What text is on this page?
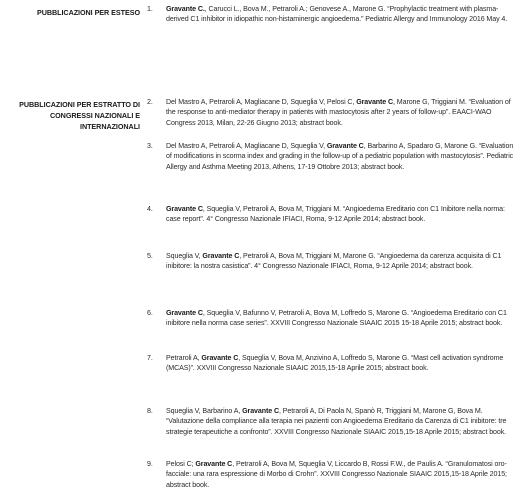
PUBBLICAZIONI PER ESTESO
PUBBLICAZIONI PER ESTRATTO DI CONGRESSI NAZIONALI E INTERNAZIONALI
1.	Gravante C., Carucci L., Bova M., Petraroli A.; Genovese A., Marone G. “Prophylactic treatment with plasma-derived C1 inhibitor in idiopathic non-histaminergic angioedema.” Pediatric Allergy and Immunology 2016 May 4.
2.	Del Mastro A, Petraroli A, Magliacane D, Squeglia V, Pelosi C, Gravante C, Marone G, Triggiani M. “Evaluation of the response to anti-mediator therapy in patients with mastocytosis after 2 years of follow-up”. EAACI-WAO Congress 2013, Milan, 22-26 Giugno 2013; abstract book.
3.	Del Mastro A, Petraroli A, Magliacane D, Squeglia V, Gravante C, Barbarino A, Spadaro G, Marone G. “Evaluation of modifications in scorma index and grading in the follow-up of a pediatric population with mastocytosis”. Pediatric Allergy and Asthma Meeting 2013, Athens, 17-19 Ottobre 2013; abstract book.
4.	Gravante C, Squeglia V, Petraroli A, Bova M, Triggiani M. “Angioedema Ereditario con C1 Inibitore nella norma: case report”. 4° Congresso Nazionale IFIACI, Roma, 9-12 Aprile 2014; abstract book.
5.	Squeglia V, Gravante C, Petraroli A, Bova M, Triggiani M, Marone G. “Angioedema da carenza acquisita di C1 inibitore: la nostra casistica”. 4° Congresso Nazionale IFIACI, Roma, 9-12 Aprile 2014; abstract book.
6.	Gravante C, Squeglia V, Bafunno V, Petraroli A, Bova M, Loffredo S, Marone G. “Angioedema Ereditario con C1 inibitore nella norma case series”. XXVIII Congresso Nazionale SIAAIC 2015 15-18 Aprile 2015; abstract book.
7.	Petraroli A, Gravante C, Squeglia V, Bova M, Anzivino A, Loffredo S, Marone G. “Mast cell activation syndrome (MCAS)”. XXVIII Congresso Nazionale SIAAIC 2015,15-18 Aprile 2015; abstract book.
8.	Squeglia V, Barbarino A, Gravante C, Petraroli A, Di Paola N, Spanò R, Triggiani M, Marone G, Bova M. “Valutazione della compliance alla terapia nei pazienti con Angioedema Ereditario da Carenza di C1 inibitore: tre strategie terapeutiche a confronto”. XXVIII Congresso Nazionale SIAAIC 2015,15-18 Aprile 2015; abstract book.
9.	Pelosi C; Gravante C, Petraroli A, Bova M, Squeglia V, Liccardo B, Rossi F.W., de Paulis A. “Granulomatosi oro-facciale: una rara espressione di Morbo di Crohn”. XXVIII Congresso Nazionale SIAAIC 2015,15-18 Aprile 2015; abstract book.
